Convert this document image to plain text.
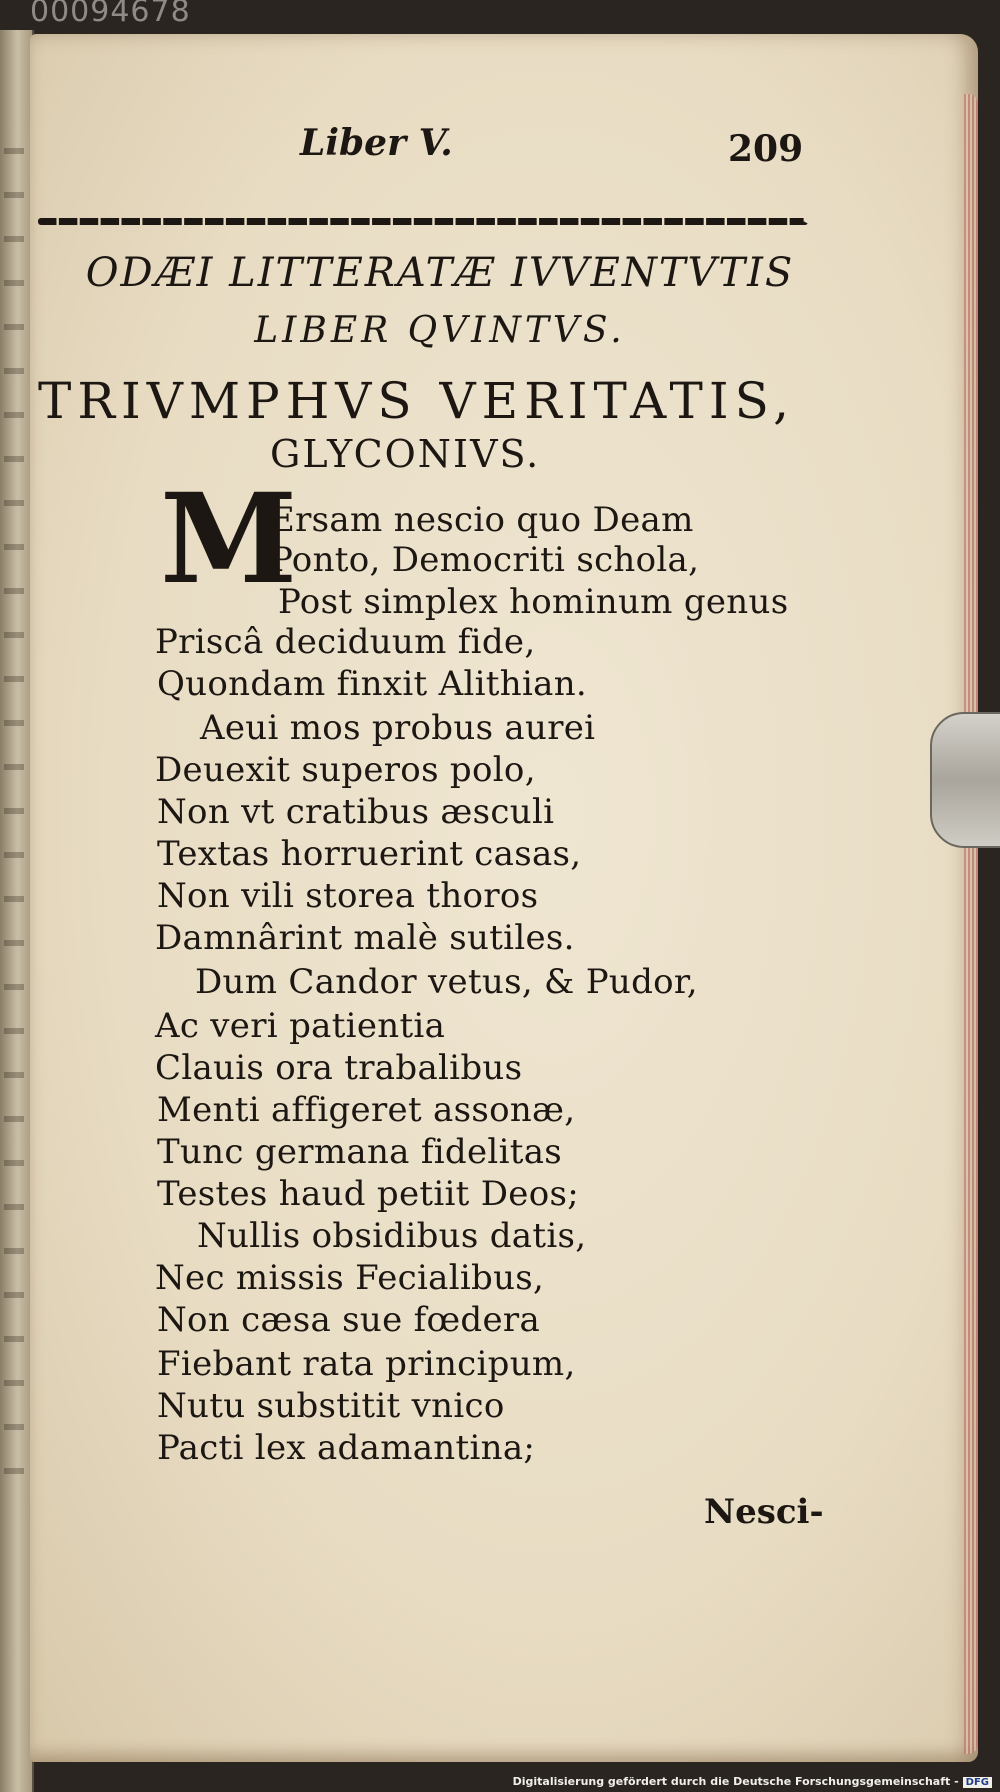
00094678
Liber V.	209
ODÆI LITTERATÆ IVVENTVTIS
LIBER QVINTVS.
TRIVMPHVS VERITATIS,
GLYCONIVS.
M
Ersam nescio quo Deam
Ponto, Democriti schola,
Post simplex hominum genus
Priscâ deciduum fide,
Quondam finxit Alithian.
Aeui mos probus aurei
Deuexit superos polo,
Non vt cratibus æsculi
Textas horruerint casas,
Non vili storea thoros
Damnârint malè sutiles.
Dum Candor vetus, & Pudor,
Ac veri patientia
Clauis ora trabalibus
Menti affigeret assonæ,
Tunc germana fidelitas
Testes haud petiit Deos;
Nullis obsidibus datis,
Nec missis Fecialibus,
Non cæsa sue fœdera
Fiebant rata principum,
Nutu substitit vnico
Pacti lex adamantina;
Nesci-
Digitalisierung gefördert durch die Deutsche Forschungsgemeinschaft - DFG
